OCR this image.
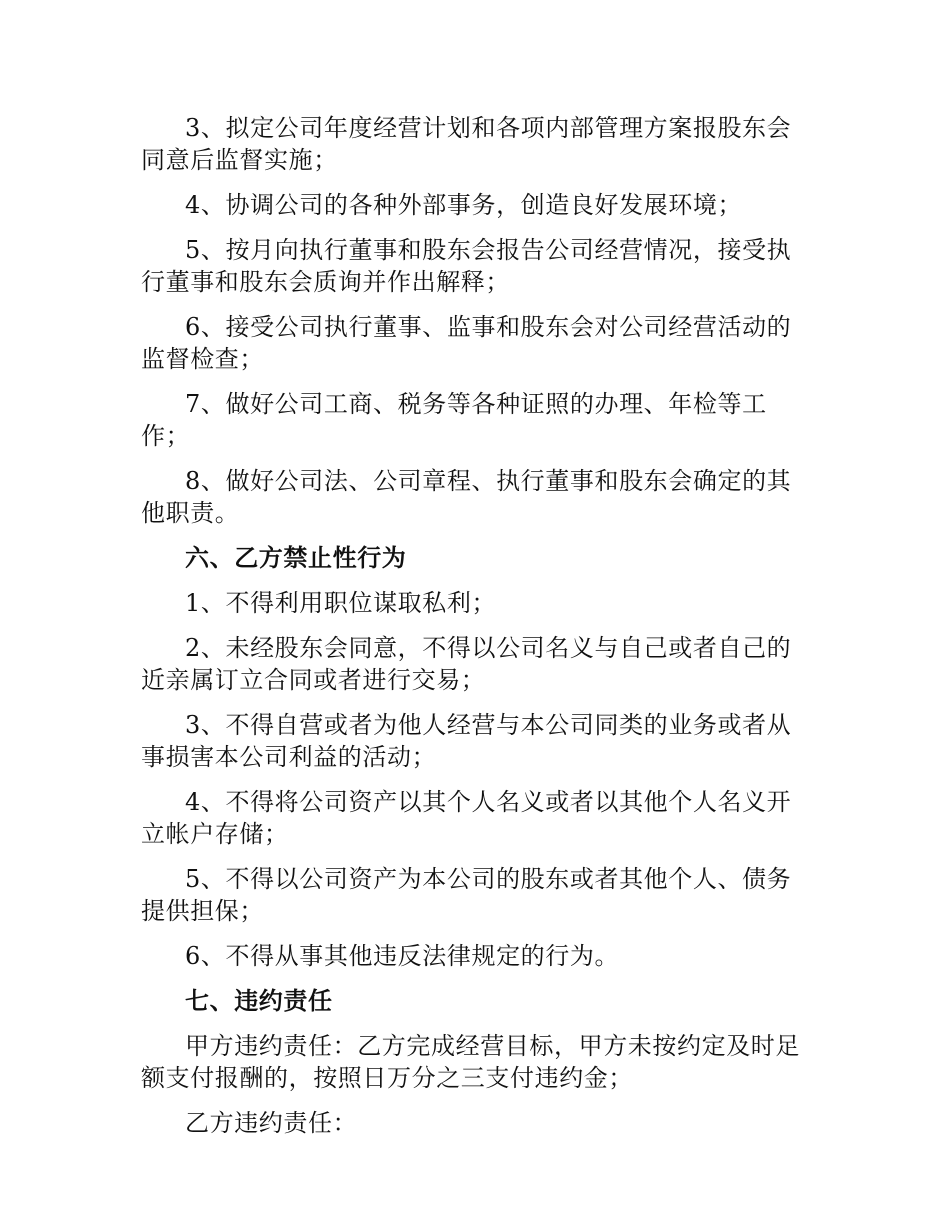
3、拟定公司年度经营计划和各项内部管理方案报股东会同意后监督实施；

4、协调公司的各种外部事务，创造良好发展环境；

5、按月向执行董事和股东会报告公司经营情况，接受执行董事和股东会质询并作出解释；

6、接受公司执行董事、监事和股东会对公司经营活动的监督检查；

7、做好公司工商、税务等各种证照的办理、年检等工作；

8、做好公司法、公司章程、执行董事和股东会确定的其他职责。

六、乙方禁止性行为

1、不得利用职位谋取私利；

2、未经股东会同意，不得以公司名义与自己或者自己的近亲属订立合同或者进行交易；

3、不得自营或者为他人经营与本公司同类的业务或者从事损害本公司利益的活动；

4、不得将公司资产以其个人名义或者以其他个人名义开立帐户存储；

5、不得以公司资产为本公司的股东或者其他个人、债务提供担保；

6、不得从事其他违反法律规定的行为。

七、违约责任

甲方违约责任：乙方完成经营目标，甲方未按约定及时足额支付报酬的，按照日万分之三支付违约金；

乙方违约责任：
